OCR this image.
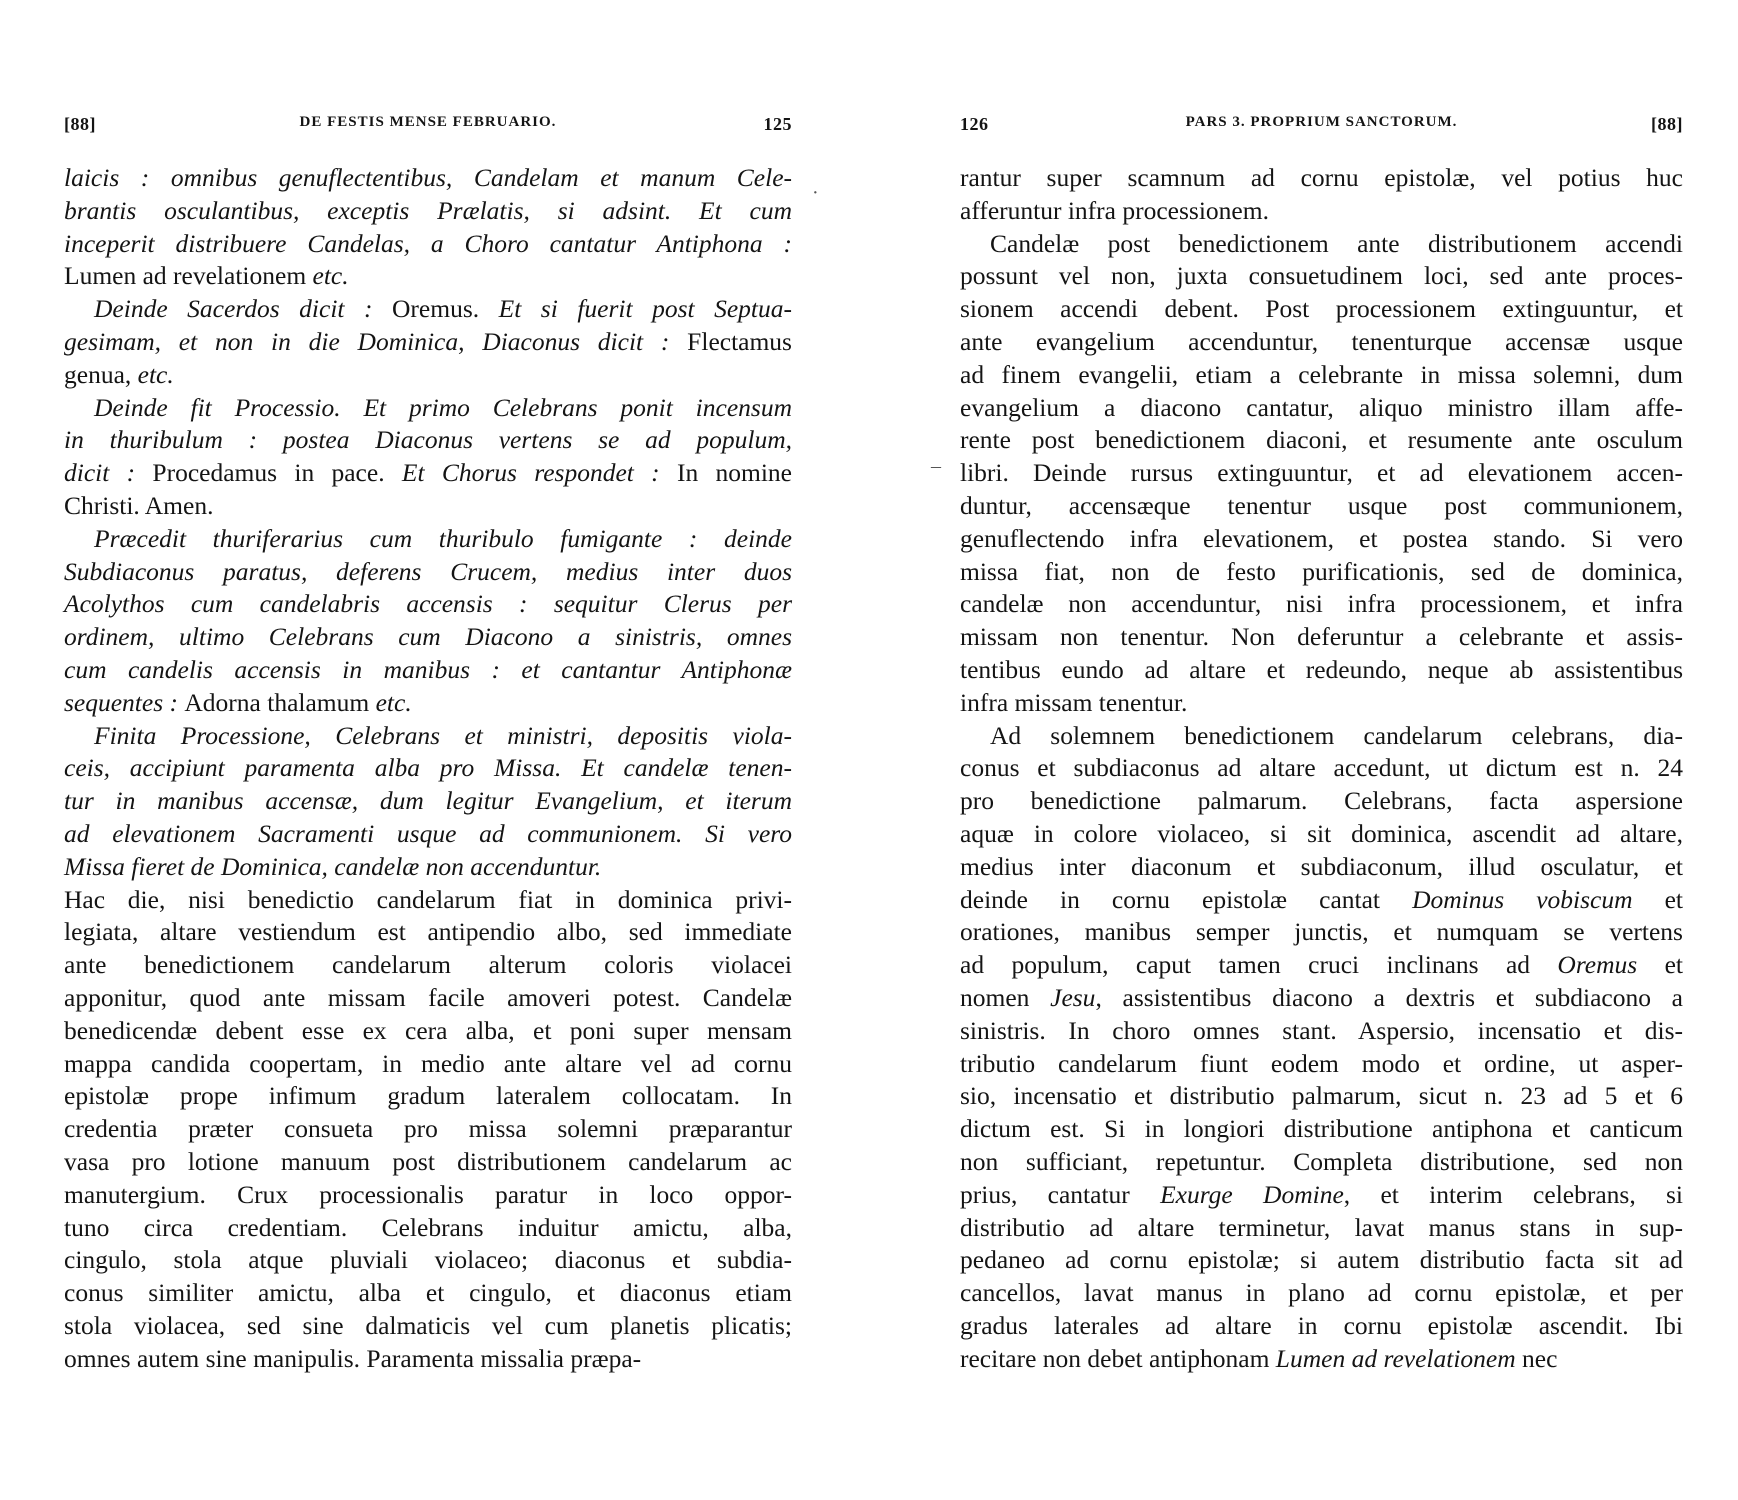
[88]	DE FESTIS MENSE FEBRUARIO.	125
laicis : omnibus genuflectentibus, Candelam et manum Cele-
brantis osculantibus, exceptis Prælatis, si adsint. Et cum
inceperit distribuere Candelas, a Choro cantatur Antiphona :
Lumen ad revelationem etc.
Deinde Sacerdos dicit : Oremus. Et si fuerit post Septua-
gesimam, et non in die Dominica, Diaconus dicit : Flectamus
genua, etc.
Deinde fit Processio. Et primo Celebrans ponit incensum
in thuribulum : postea Diaconus vertens se ad populum,
dicit : Procedamus in pace. Et Chorus respondet : In nomine
Christi. Amen.
Præcedit thuriferarius cum thuribulo fumigante : deinde
Subdiaconus paratus, deferens Crucem, medius inter duos
Acolythos cum candelabris accensis : sequitur Clerus per
ordinem, ultimo Celebrans cum Diacono a sinistris, omnes
cum candelis accensis in manibus : et cantantur Antiphonæ
sequentes : Adorna thalamum etc.
Finita Processione, Celebrans et ministri, depositis viola-
ceis, accipiunt paramenta alba pro Missa. Et candelæ tenen-
tur in manibus accensæ, dum legitur Evangelium, et iterum
ad elevationem Sacramenti usque ad communionem. Si vero
Missa fieret de Dominica, candelæ non accenduntur.
Hac die, nisi benedictio candelarum fiat in dominica privi-
legiata, altare vestiendum est antipendio albo, sed immediate
ante benedictionem candelarum alterum coloris violacei
apponitur, quod ante missam facile amoveri potest. Candelæ
benedicendæ debent esse ex cera alba, et poni super mensam
mappa candida coopertam, in medio ante altare vel ad cornu
epistolæ prope infimum gradum lateralem collocatam. In
credentia præter consueta pro missa solemni præparantur
vasa pro lotione manuum post distributionem candelarum ac
manutergium. Crux processionalis paratur in loco oppor-
tuno circa credentiam. Celebrans induitur amictu, alba,
cingulo, stola atque pluviali violaceo; diaconus et subdia-
conus similiter amictu, alba et cingulo, et diaconus etiam
stola violacea, sed sine dalmaticis vel cum planetis plicatis;
omnes autem sine manipulis. Paramenta missalia præpa-
·
126	PARS 3. PROPRIUM SANCTORUM.	[88]
rantur super scamnum ad cornu epistolæ, vel potius huc
afferuntur infra processionem.
Candelæ post benedictionem ante distributionem accendi
possunt vel non, juxta consuetudinem loci, sed ante proces-
sionem accendi debent. Post processionem extinguuntur, et
ante evangelium accenduntur, tenenturque accensæ usque
ad finem evangelii, etiam a celebrante in missa solemni, dum
evangelium a diacono cantatur, aliquo ministro illam affe-
rente post benedictionem diaconi, et resumente ante osculum
libri. Deinde rursus extinguuntur, et ad elevationem accen-
duntur, accensæque tenentur usque post communionem,
genuflectendo infra elevationem, et postea stando. Si vero
missa fiat, non de festo purificationis, sed de dominica,
candelæ non accenduntur, nisi infra processionem, et infra
missam non tenentur. Non deferuntur a celebrante et assis-
tentibus eundo ad altare et redeundo, neque ab assistentibus
infra missam tenentur.
Ad solemnem benedictionem candelarum celebrans, dia-
conus et subdiaconus ad altare accedunt, ut dictum est n. 24
pro benedictione palmarum. Celebrans, facta aspersione
aquæ in colore violaceo, si sit dominica, ascendit ad altare,
medius inter diaconum et subdiaconum, illud osculatur, et
deinde in cornu epistolæ cantat Dominus vobiscum et
orationes, manibus semper junctis, et numquam se vertens
ad populum, caput tamen cruci inclinans ad Oremus et
nomen Jesu, assistentibus diacono a dextris et subdiacono a
sinistris. In choro omnes stant. Aspersio, incensatio et dis-
tributio candelarum fiunt eodem modo et ordine, ut asper-
sio, incensatio et distributio palmarum, sicut n. 23 ad 5 et 6
dictum est. Si in longiori distributione antiphona et canticum
non sufficiant, repetuntur. Completa distributione, sed non
prius, cantatur Exurge Domine, et interim celebrans, si
distributio ad altare terminetur, lavat manus stans in sup-
pedaneo ad cornu epistolæ; si autem distributio facta sit ad
cancellos, lavat manus in plano ad cornu epistolæ, et per
gradus laterales ad altare in cornu epistolæ ascendit. Ibi
recitare non debet antiphonam Lumen ad revelationem nec
–
